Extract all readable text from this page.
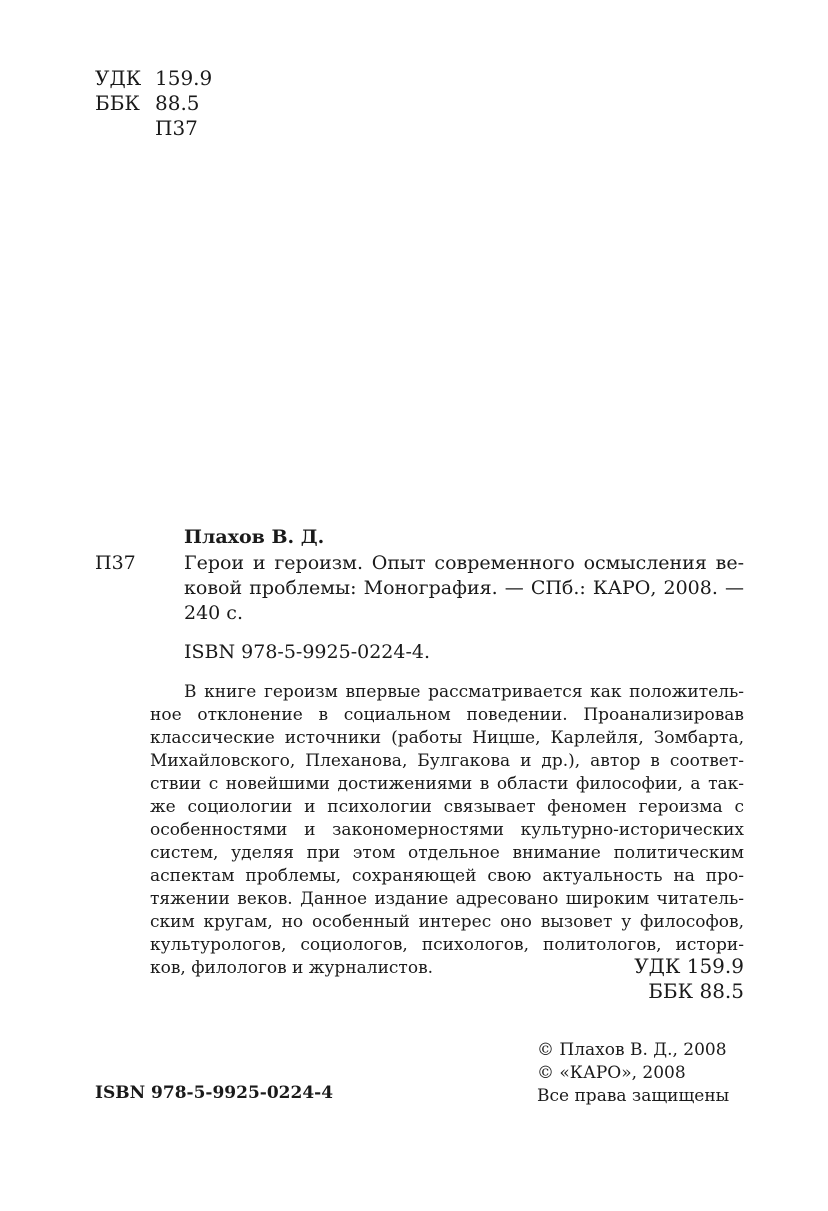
УДК 159.9
ББК 88.5
П37
Плахов В. Д.
П37	Герои и героизм. Опыт современного осмысления ве-
ковой проблемы: Монография. — СПб.: КАРО, 2008. —
240 с.
ISBN 978-5-9925-0224-4.
В книге героизм впервые рассматривается как положитель-
ное отклонение в социальном поведении. Проанализировав
классические источники (работы Ницше, Карлейля, Зомбарта,
Михайловского, Плеханова, Булгакова и др.), автор в соответ-
ствии с новейшими достижениями в области философии, а так-
же социологии и психологии связывает феномен героизма с
особенностями и закономерностями культурно-исторических
систем, уделяя при этом отдельное внимание политическим
аспектам проблемы, сохраняющей свою актуальность на про-
тяжении веков. Данное издание адресовано широким читатель-
ским кругам, но особенный интерес оно вызовет у философов,
культурологов, социологов, психологов, политологов, истори-
ков, филологов и журналистов.	УДК 159.9
ББК 88.5
© Плахов В. Д., 2008
© «КАРО», 2008
Все права защищены
ISBN 978-5-9925-0224-4
